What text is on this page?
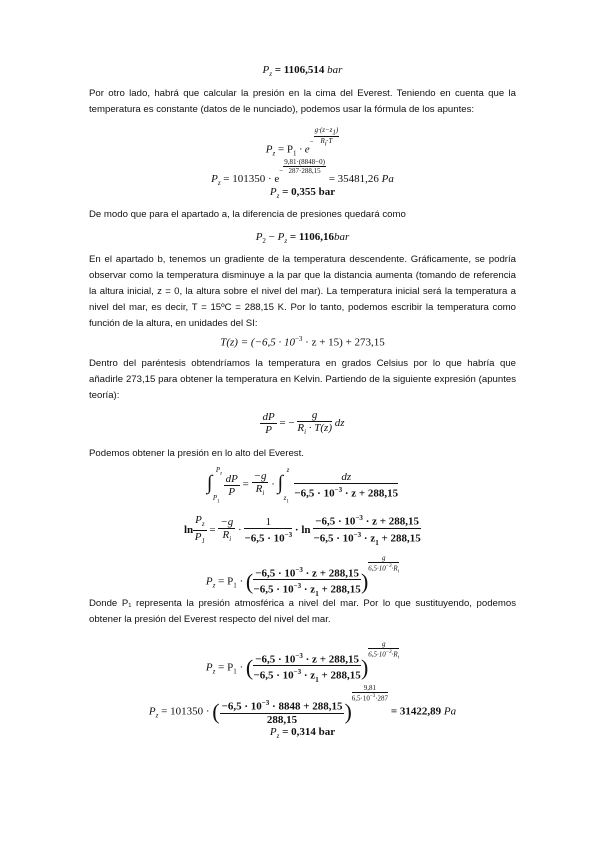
$P_z = 1106,514$ bar
Por otro lado, habrá que calcular la presión en la cima del Everest. Teniendo en cuenta que la temperatura es constante (datos de le nunciado), podemos usar la fórmula de los apuntes:
$P_z = P_1 \cdot e^- \frac{g\cdot(z-z_1)}{R_i\cdot T}$
$P_z = 101350 \cdot e^- \frac{9,81\cdot(8848-0)}{287\cdot 288,15}$
= 35481,26 Pa
$P_z = 0,355$ bar
De modo que para el apartado a, la diferencia de presiones quedará como
$P_2 - P_z = 1106,16bar$
En el apartado b, tenemos un gradiente de la temperatura descendente. Gráficamente, se podría observar como la temperatura disminuye a la par que la distancia aumenta (tomando de referencia la altura inicial, z = 0, la altura sobre el nivel del mar). La temperatura inicial será la temperatura a nivel del mar, es decir, T = 15ºC = 288,15 K. Por lo tanto, podemos escribir la temperatura como función de la altura, en unidades del SI:
$T(z) = (-6,5 \cdot 10^{-3} \cdot z + 15) + 273,15$
Dentro del paréntesis obtendríamos la temperatura en grados Celsius por lo que habría que añadirle 273,15 para obtener la temperatura en Kelvin. Partiendo de la siguiente expresión (apuntes teoría):
$\frac{dP}{P}$ = − $\frac{g}{R_i \cdot T(z)}$ dz
Podemos obtener la presión en lo alto del Everest.
∫
$P_z$
$P_1$

$\frac{dP}{P} = \frac{-g}{R_i}$ · ∫
z
$z_1$

$\frac{dz}{-6,5 \cdot 10^{-3} \cdot z + 288,15}$
$\ln \frac{P_z}{P_1} = \frac{-g}{R_i} \cdot \frac{1}{-6,5 \cdot 10^{-3}} \cdot \ln \frac{-6,5 \cdot 10^{-3} \cdot z + 288,15}{-6,5 \cdot 10^{-3} \cdot z_1 + 288,15}$
$P_z = P_1$ · ( $\frac{-6,5 \cdot 10^{-3} \cdot z + 288,15}{-6,5 \cdot 10^{-3} \cdot z_1 + 288,15}$ )
$\frac{g}{6,5\cdot 10^{-3}\cdot R_i}$
Donde P₁ representa la presión atmosférica a nivel del mar. Por lo que sustituyendo, podemos obtener la presión del Everest respecto del nivel del mar.
$P_z = P_1$ · ( $\frac{-6,5 \cdot 10^{-3} \cdot z + 288,15}{-6,5 \cdot 10^{-3} \cdot z_1 + 288,15}$ )
$\frac{g}{6,5\cdot 10^{-3}\cdot R_i}$
$P_z = 101350$ · ( $\frac{-6,5 \cdot 10^{-3} \cdot 8848 + 288,15}{288,15}$ )
$\frac{9,81}{6,5\cdot 10^{-3}\cdot 287}$
= 31422,89 Pa
$P_z = 0,314$ bar
